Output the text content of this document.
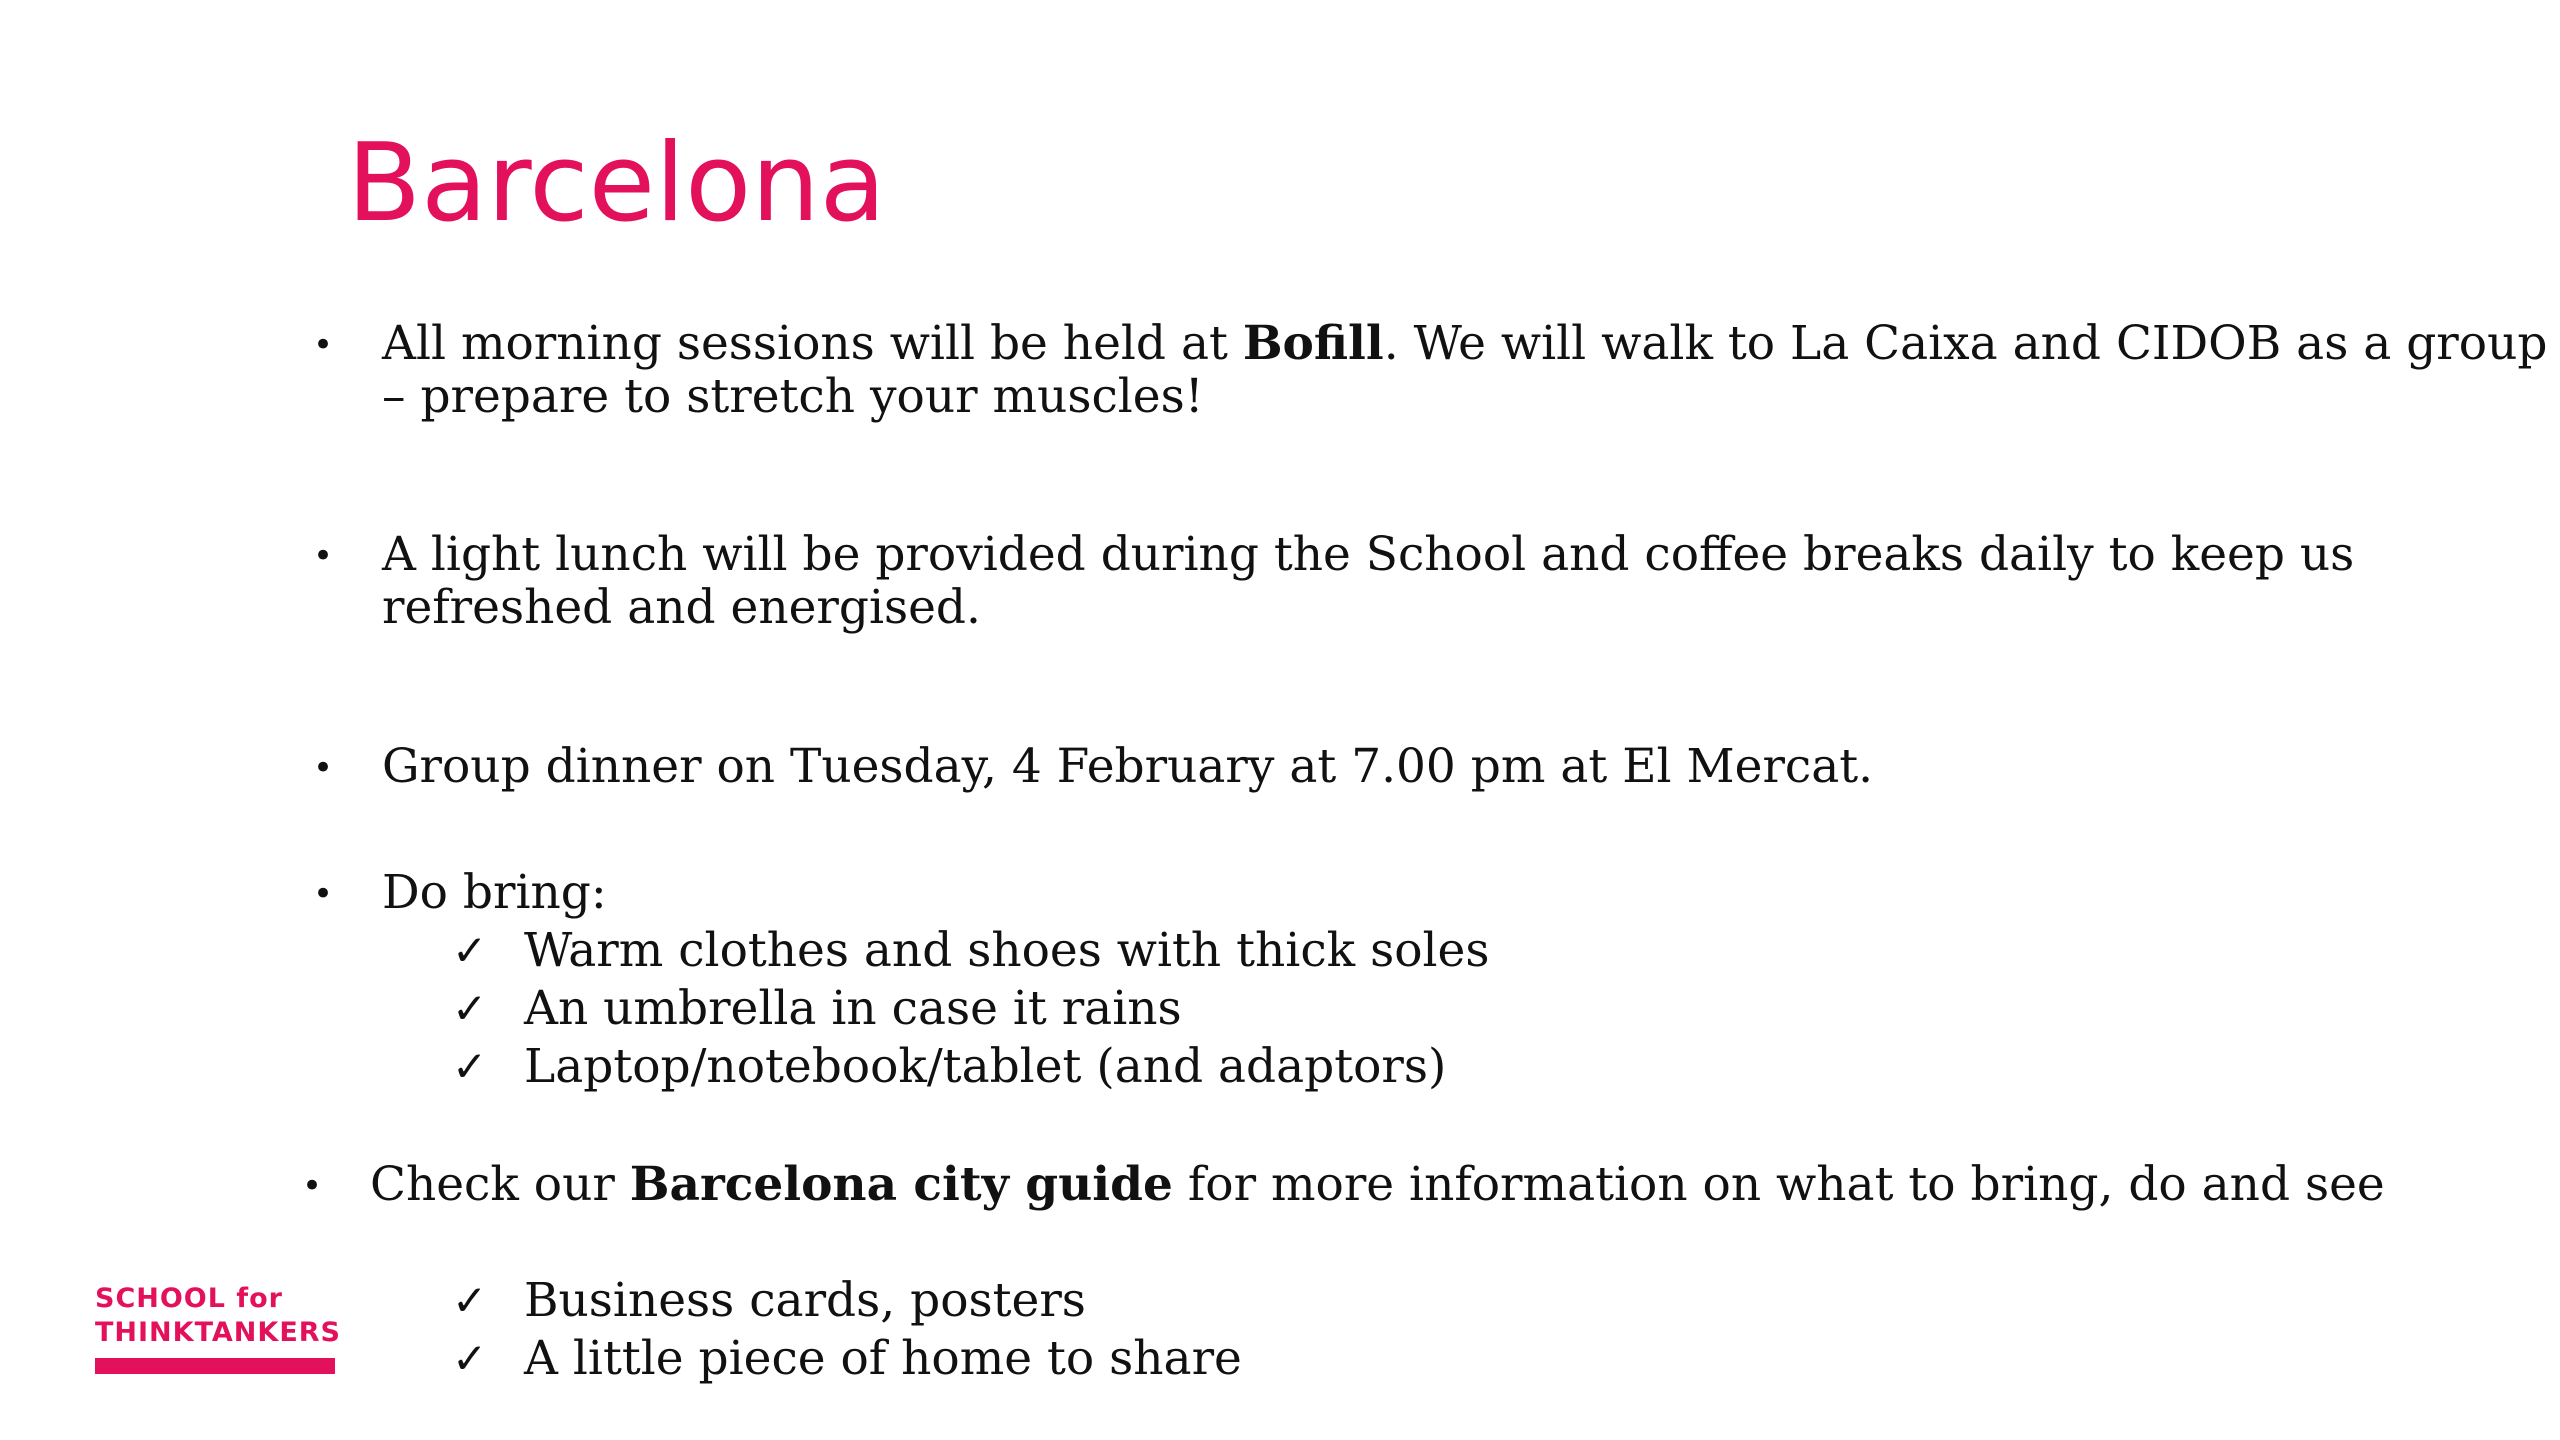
Barcelona
• All morning sessions will be held at Bofill. We will walk to La Caixa and CIDOB as a group
– prepare to stretch your muscles!
• A light lunch will be provided during the School and coffee breaks daily to keep us
refreshed and energised.
• Group dinner on Tuesday, 4 February at 7.00 pm at El Mercat.
• Do bring:
✓ Warm clothes and shoes with thick soles
✓ An umbrella in case it rains
✓ Laptop/notebook/tablet (and adaptors)
• Check our Barcelona city guide for more information on what to bring, do and see
✓ Business cards, posters
✓ A little piece of home to share
SCHOOL for
THINKTANKERS
